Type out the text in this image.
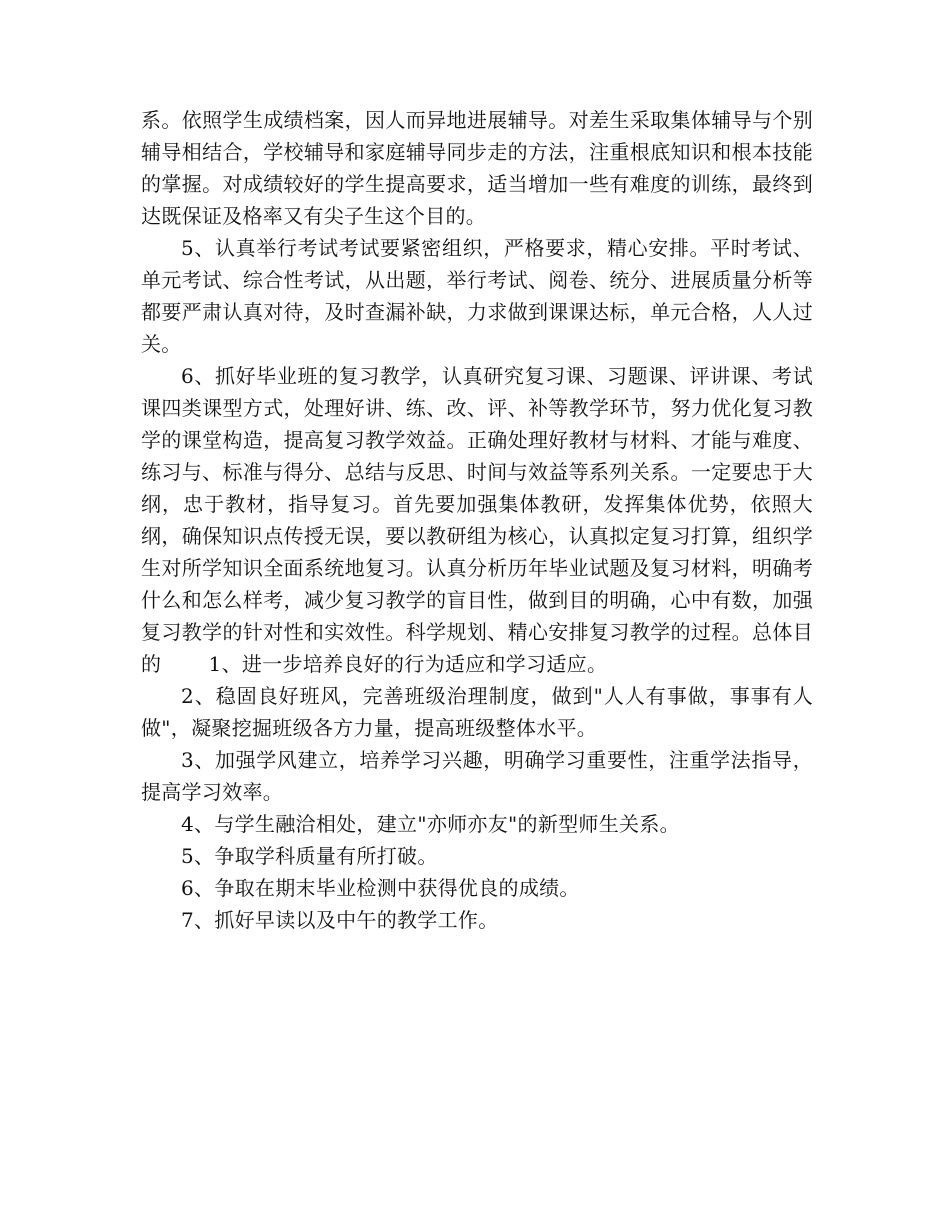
系。依照学生成绩档案，因人而异地进展辅导。对差生采取集体辅导与个别辅导相结合，学校辅导和家庭辅导同步走的方法，注重根底知识和根本技能的掌握。对成绩较好的学生提高要求，适当增加一些有难度的训练，最终到达既保证及格率又有尖子生这个目的。

5、认真举行考试考试要紧密组织，严格要求，精心安排。平时考试、单元考试、综合性考试，从出题，举行考试、阅卷、统分、进展质量分析等都要严肃认真对待，及时查漏补缺，力求做到课课达标，单元合格，人人过关。

6、抓好毕业班的复习教学，认真研究复习课、习题课、评讲课、考试课四类课型方式，处理好讲、练、改、评、补等教学环节，努力优化复习教学的课堂构造，提高复习教学效益。正确处理好教材与材料、才能与难度、练习与、标准与得分、总结与反思、时间与效益等系列关系。一定要忠于大纲，忠于教材，指导复习。首先要加强集体教研，发挥集体优势，依照大纲，确保知识点传授无误，要以教研组为核心，认真拟定复习打算，组织学生对所学知识全面系统地复习。认真分析历年毕业试题及复习材料，明确考什么和怎么样考，减少复习教学的盲目性，做到目的明确，心中有数，加强复习教学的针对性和实效性。科学规划、精心安排复习教学的过程。总体目的　　 1、进一步培养良好的行为适应和学习适应。

2、稳固良好班风，完善班级治理制度，做到"人人有事做，事事有人做"，凝聚挖掘班级各方力量，提高班级整体水平。

3、加强学风建立，培养学习兴趣，明确学习重要性，注重学法指导，提高学习效率。

4、与学生融洽相处，建立"亦师亦友"的新型师生关系。

5、争取学科质量有所打破。

6、争取在期末毕业检测中获得优良的成绩。

7、抓好早读以及中午的教学工作。
